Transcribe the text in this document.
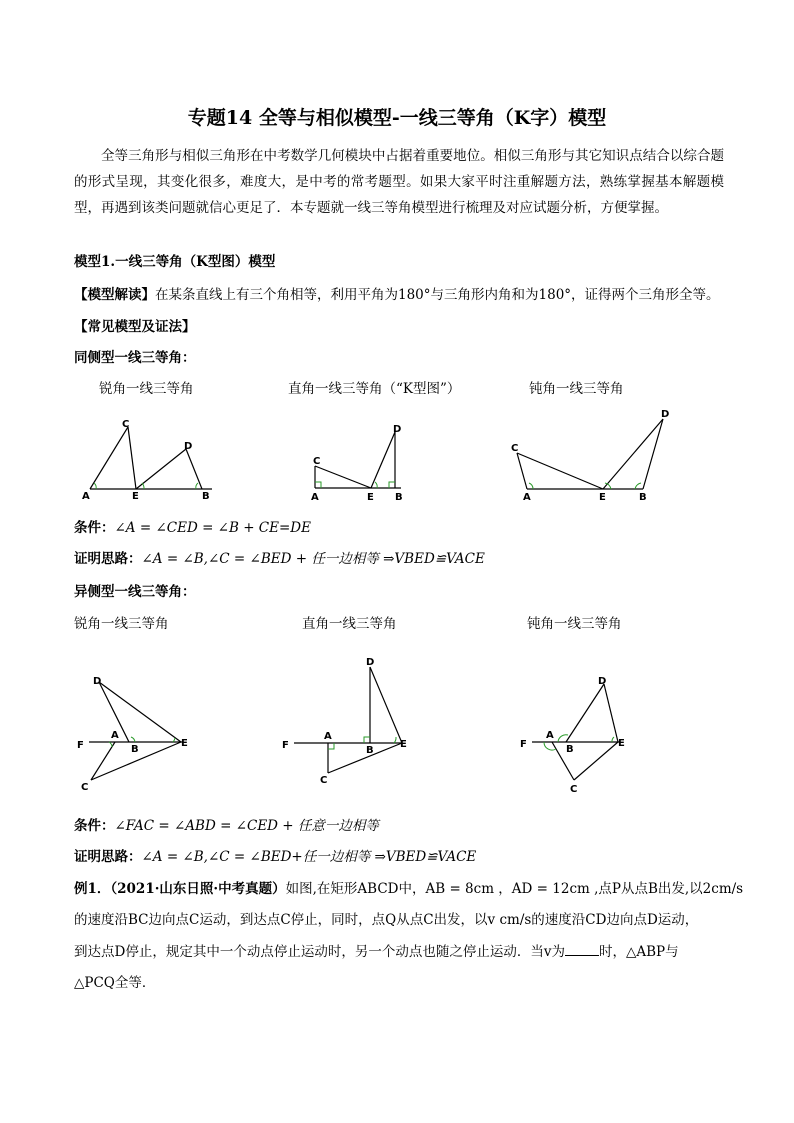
专题14 全等与相似模型-一线三等角（K字）模型
全等三角形与相似三角形在中考数学几何模块中占据着重要地位。相似三角形与其它知识点结合以综合题的形式呈现，其变化很多，难度大，是中考的常考题型。如果大家平时注重解题方法，熟练掌握基本解题模型，再遇到该类问题就信心更足了．本专题就一线三等角模型进行梳理及对应试题分析，方便掌握。
模型1.一线三等角（K型图）模型
【模型解读】在某条直线上有三个角相等，利用平角为180°与三角形内角和为180°，证得两个三角形全等。
【常见模型及证法】
同侧型一线三等角：
锐角一线三等角	直角一线三等角（“K型图”）	钝角一线三等角
A
C
E
D
B
C
A	E
D
B
C
A	E
D
B
条件：∠A = ∠CED = ∠B + CE=DE
证明思路：∠A = ∠B,∠C = ∠BED + 任一边相等 ⇒VBED≌VACE
异侧型一线三等角：
锐角一线三等角	直角一线三等角	钝角一线三等角
D
F
A
B
E
C
D
F
A
B
E
C
D
F
A
B
E
C
条件：∠FAC = ∠ABD = ∠CED + 任意一边相等
证明思路：∠A = ∠B,∠C = ∠BED+任一边相等 ⇒VBED≌VACE
例1．（2021·山东日照·中考真题）如图,在矩形ABCD中，AB = 8cm ，AD = 12cm ,点P从点B出发,以2cm/s
的速度沿BC边向点C运动，到达点C停止，同时，点Q从点C出发，以v cm/s的速度沿CD边向点D运动，
到达点D停止，规定其中一个动点停止运动时，另一个动点也随之停止运动．当v为	时，△ABP与
△PCQ全等．
